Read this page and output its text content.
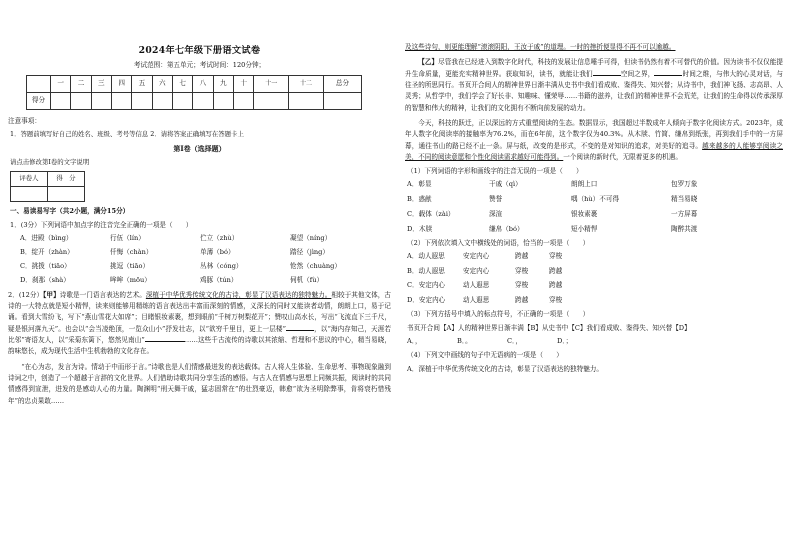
2024年七年级下册语文试卷
考试范围：第五单元；考试时间：120分钟；
	一	二	三	四	五	六	七	八	九	十	十一	十二	总分
得分													
注意事项：
1．答题前填写好自己的姓名、班级、考号等信息 2．请将答案正确填写在答题卡上
第Ⅰ卷（选择题）
请点击修改第Ⅰ卷的文字说明
评卷人	得　分

一、易读易写字（共2小题，满分15分）
1．(3分）下列词语中加点字的注音完全正确的一项是（　　）
A．进殿（bìng）	行伍（lín）	伫立（zhù）	凝望（níng）
B．绽开（zhàn）	仟悔（chàn）	单薄（bó）	踏径（jìng）
C．挑拨（tiāo）	挑逗（tiāo）	丛林（cóng）	怆然（chuàng）
D．刹那（shà）	哞哞（mōu）	鸡豚（tún）	伺机（fù）
2．(12分）【甲】诗歌是一门语言表达的艺术。深植于中华优秀传统文化的古诗，彰显了汉语表达的独特魅力。相较于其他文体，古诗的一大特点就是短小精悍，读来则能够用精练的语言表达出丰富而深刻的情感，义深长的同时又能读者动情，朗朗上口，易于记诵。看到大雪纷飞，写下“燕山雪花大如席”；目睹银妆素裹，想到眼前“千树万树梨花开”；赞叹山高水长，写出“飞流直下三千尺，疑是银河落九天”。也会以“会当凌绝顶，一览众山小”抒发壮志，以“欲穷千里目，更上一层楼”	，以“海内存知己，天涯若比邻”寄语友人，以“采菊东篱下，悠然见南山”	……这些千古流传的诗歌以其浓缩、哲理和不思议的中心，精当易晓，韵味悠长，成为现代生活中生机勃勃的文化存在。
“在心为志，发言为诗。情动于中而形于言。”诗歌也是人们情感最迸发的表达载体。古人将人生体验、生命思考、事物现象融到诗词之中，创造了一个超越于言辞的文化世界。人们借助诗歌共同分享生活的感悟。与古人在情感与思想上同频共振，阅读时的共同情感得到宣泄，进发的是感动人心的力量。陶渊明“刑天舞干戚，猛志固常在”的壮烈豪迈，韩愈“欲为圣明除弊事，肯将衰朽惜残年”的忠贞果敢……
及这些诗句，则更能理解“滚滚阴阳，王汝于戚”的道理。一时的挫折便显得不再不可以逾越。
【乙】尽管我在已经进入到数字化时代，科技的发展让信息唾手可得，但读书仍然有着不可替代的价值。因为读书不仅仅能提升生命质量，更能充实精神世界。获取知识，读书，就能让我们	空间之界，	时间之维，与伟大的心灵对话，与往圣的所思同行。书页开合间人的精神世界日渐丰满从史书中我们看成败、鉴得失、知兴替；从诗书中，我们神飞扬、志高昂、人灵秀；从哲学中，我们学会了好长非、知趣味、懂荣辱……书籍的滋养，让我们的精神世界不会荒芜，让我们的生命得以传承深厚的智慧和伟大的精神，让我们的文化拥有不断向前发展的动力。
今天，科技的跃迁，正以深远的方式重塑阅读的生态。数据显示，我国超过半数成年人倾向于数字化阅读方式。2023年，成年人数字化阅读率的接触率为76.2%，而在6年前，这个数字仅为40.3%。从木牍、竹简、缣帛到纸张，再到我们手中的一方屏幕，通往书山的路已经不止一条。屏与纸，改变的是形式，不变的是对知识的追求，对美好的追寻。越来越多的人能够享阅读之美，不同的阅读意愿和个性化阅读需求越好可能得到。一个阅读的新时代，无限着更多的机遇。
（1）下列词语的字形和画线字的注音无误的一项是（　　）
A．彰显	干戚（qì）	朗朗上口	包罗万象
B．惑献	赞誉	喁（hù）不可得	精当易晓
C．载体（zài）	深渲	银妆素裹	一方屏幕
D．木牍	缣帛（bó）	短小精悍	陶醉共渡
（2）下列依次填入文中横线处的词语，恰当的一项是（　　）
A．动人遐思	安定内心	跨越	穿梭
B．动人遐思	安定内心	穿梭	跨越
C．安定内心	动人遐思	穿梭	跨越
D．安定内心	动人遐思	跨越	穿梭
（3）下列方括号中填入的标点符号，不正确的一项是（　　）
书页开合间【A】人的精神世界日渐丰满【B】从史书中【C】我们看成败、鉴得失、知兴替【D】
A．，	B．。	C．，	D．；
（4）下列文中画线的句子中无语病的一项是（　　）
A．深植于中华优秀传统文化的古诗，彰显了汉语表达的独特魅力。
